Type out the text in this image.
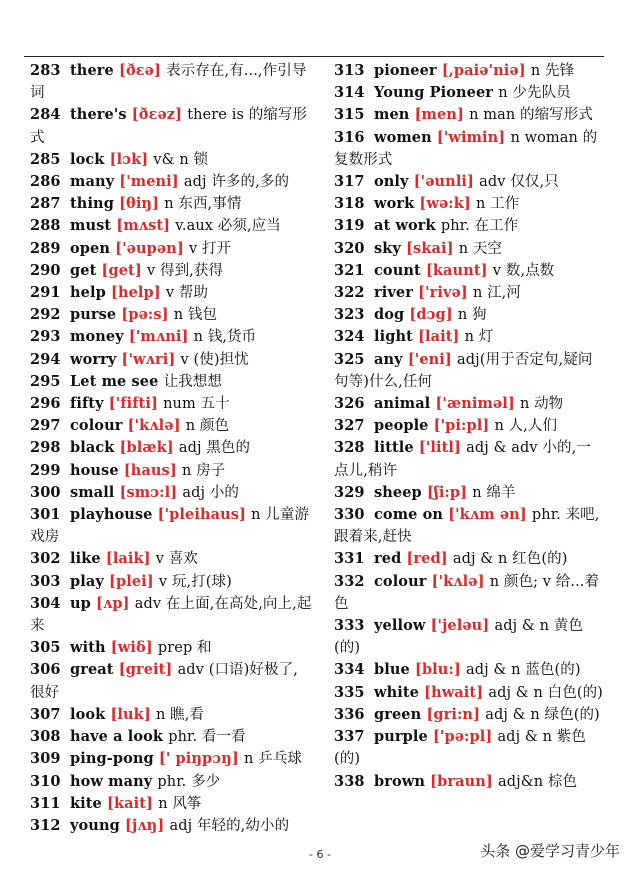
283 there [ðεə] 表示存在,有...,作引导词
284 there's [ðεəz] there is 的缩写形式
285 lock [lɔk] v& n 锁
286 many ['meni] adj 许多的,多的
287 thing [θiŋ] n 东西,事情
288 must [mʌst] v.aux 必须,应当
289 open ['əupən] v 打开
290 get [get] v 得到,获得
291 help [help] v 帮助
292 purse [pə:s] n 钱包
293 money ['mʌni] n 钱,货币
294 worry ['wʌri] v (使)担忧
295 Let me see 让我想想
296 fifty ['fifti] num 五十
297 colour ['kʌlə] n 颜色
298 black [blæk] adj 黑色的
299 house [haus] n 房子
300 small [smɔ:l] adj 小的
301 playhouse ['pleihaus] n 儿童游戏房
302 like [laik] v 喜欢
303 play [plei] v 玩,打(球)
304 up [ʌp] adv 在上面,在高处,向上,起来
305 with [wiδ] prep 和
306 great [greit] adv (口语)好极了,很好
307 look [luk] n 瞧,看
308 have a look phr. 看一看
309 ping-pong [' piŋpɔŋ] n 乒乓球
310 how many phr. 多少
311 kite [kait] n 风筝
312 young [jʌŋ] adj 年轻的,幼小的
313 pioneer [,paiə'niə] n 先锋
314 Young Pioneer n 少先队员
315 men [men] n man 的缩写形式
316 women ['wimin] n woman 的复数形式
317 only ['əunli] adv 仅仅,只
318 work [wə:k] n 工作
319 at work phr. 在工作
320 sky [skai] n 天空
321 count [kaunt] v 数,点数
322 river ['rivə] n 江,河
323 dog [dɔg] n 狗
324 light [lait] n 灯
325 any ['eni] adj(用于否定句,疑问句等)什么,任何
326 animal ['æniməl] n 动物
327 people ['pi:pl] n 人,人们
328 little ['litl] adj & adv 小的,一点儿,稍许
329 sheep [ʃi:p] n 绵羊
330 come on ['kʌm ən] phr. 来吧,跟着来,赶快
331 red [red] adj & n 红色(的)
332 colour ['kʌlə] n 颜色; v 给...着色
333 yellow ['jeləu] adj & n 黄色(的)
334 blue [blu:] adj & n 蓝色(的)
335 white [hwait] adj & n 白色(的)
336 green [gri:n] adj & n 绿色(的)
337 purple ['pə:pl] adj & n 紫色(的)
338 brown [braun] adj&n 棕色
- 6 -	头条 @爱学习青少年
